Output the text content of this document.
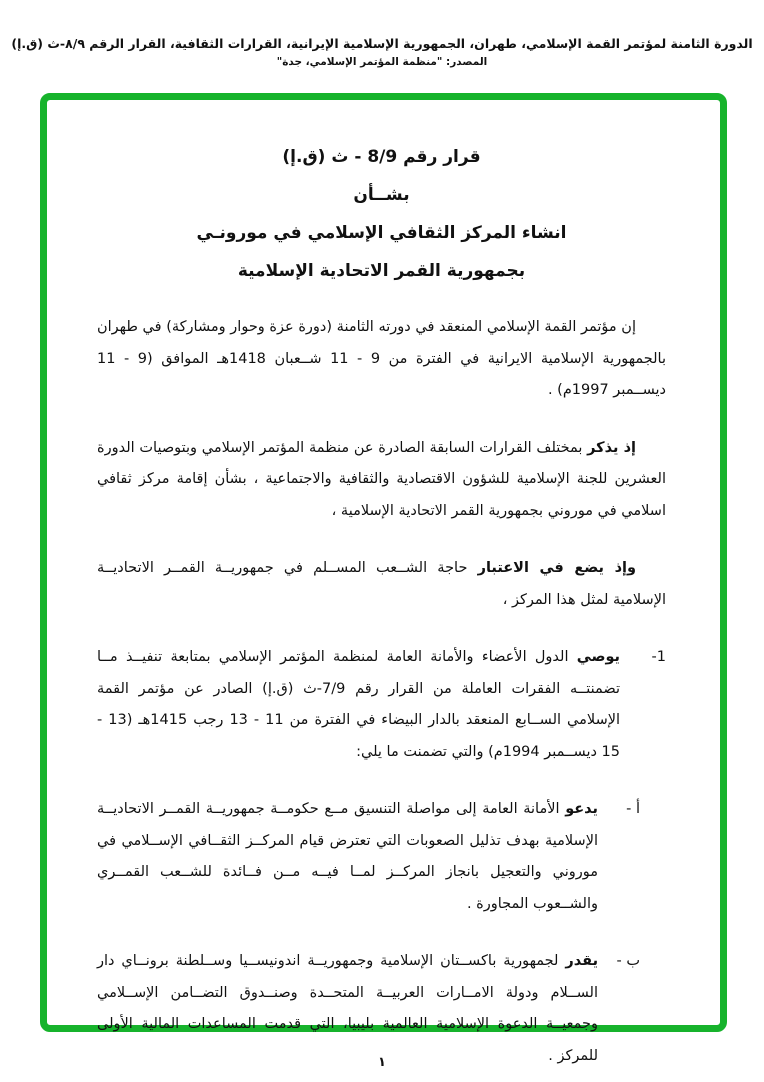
الدورة الثامنة لمؤتمر القمة الإسلامي، طهران، الجمهورية الإسلامية الإيرانية، القرارات الثقافية، القرار الرقم ٨/٩-ث (ق.إ)
المصدر: "منظمة المؤتمر الإسلامي، جدة"
قرار رقم 8/9 - ث (ق.إ)
بشــأن
انشاء المركز الثقافي الإسلامي في مورونـي
بجمهورية القمر الاتحادية الإسلامية

إن مؤتمر القمة الإسلامي المنعقد في دورته الثامنة (دورة عزة وحوار ومشاركة) في طهران بالجمهورية الإسلامية الايرانية في الفترة من 9 - 11 شــعبان 1418هـ الموافق (9 - 11 ديســمبر 1997م) .

إذ يذكر بمختلف القرارات السابقة الصادرة عن منظمة المؤتمر الإسلامي وبتوصيات الدورة العشرين للجنة الإسلامية للشؤون الاقتصادية والثقافية والاجتماعية ، بشأن إقامة مركز ثقافي اسلامي في موروني بجمهورية القمر الاتحادية الإسلامية ،

وإذ يضع في الاعتبار حاجة الشــعب المســلم في جمهوريــة القمــر الاتحاديــة الإسلامية لمثل هذا المركز ،

1-
يوصي الدول الأعضاء والأمانة العامة لمنظمة المؤتمر الإسلامي بمتابعة تنفيــذ مــا تضمنتــه الفقرات العاملة من القرار رقم 7/9-ث (ق.إ) الصادر عن مؤتمر القمة الإسلامي الســابع المنعقد بالدار البيضاء في الفترة من 11 - 13 رجب 1415هـ (13 - 15 ديســمبر 1994م) والتي تضمنت ما يلي:
أ -
يدعو الأمانة العامة إلى مواصلة التنسيق مــع حكومــة جمهوريــة القمــر الاتحاديــة الإسلامية بهدف تذليل الصعوبات التي تعترض قيام المركــز الثقــافي الإســلامي في موروني والتعجيل بانجاز المركــز لمــا فيــه مــن فــائدة للشــعب القمــري والشــعوب المجاورة .
ب -
يقدر لجمهورية باكســتان الإسلامية وجمهوريــة اندونيســيا وســلطنة برونــاي دار الســلام ودولة الامــارات العربيــة المتحــدة وصنــدوق التضــامن الإســلامي وجمعيــة الدعوة الإسلامية العالمية بليبيا، التي قدمت المساعدات المالية الأولى للمركز .
١
